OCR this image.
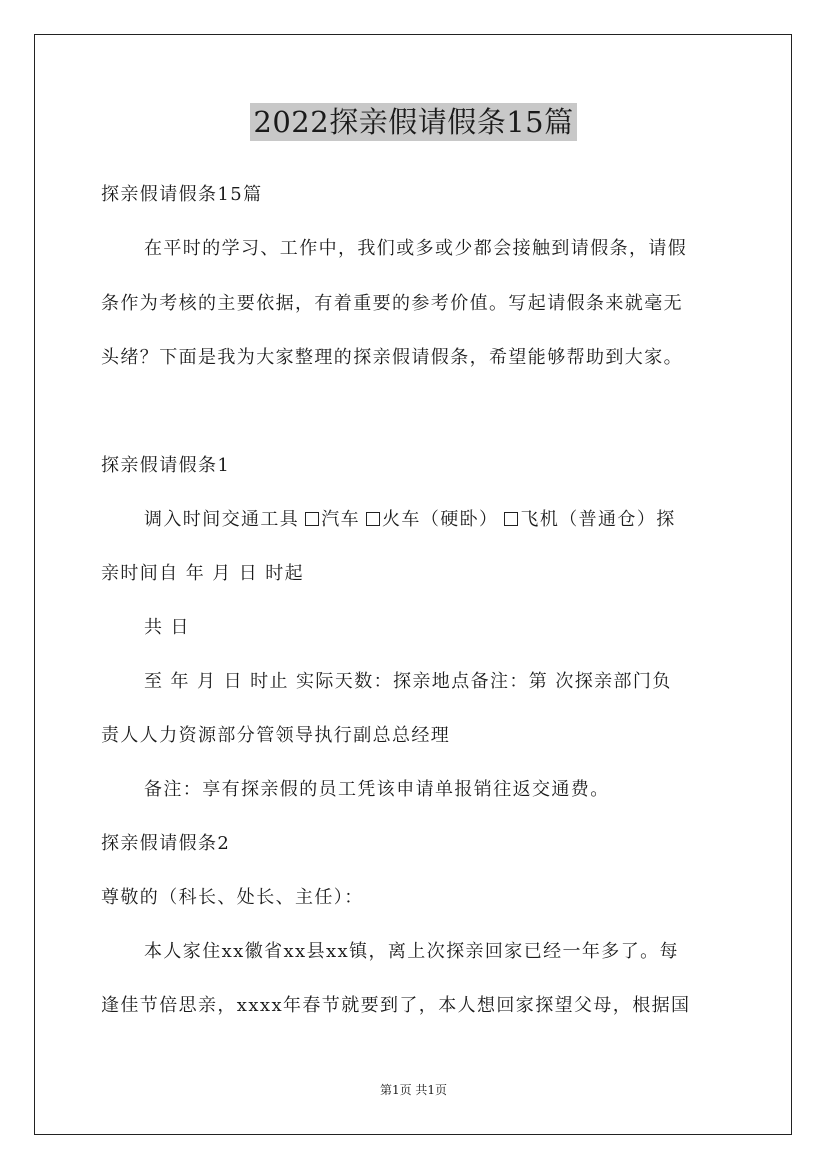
2022探亲假请假条15篇
探亲假请假条15篇
在平时的学习、工作中，我们或多或少都会接触到请假条，请假
条作为考核的主要依据，有着重要的参考价值。写起请假条来就毫无
头绪？下面是我为大家整理的探亲假请假条，希望能够帮助到大家。
探亲假请假条1
调入时间交通工具 汽车 火车（硬卧） 飞机（普通仓）探
亲时间自 年 月 日 时起
共 日
至 年 月 日 时止 实际天数：探亲地点备注：第 次探亲部门负
责人人力资源部分管领导执行副总总经理
备注：享有探亲假的员工凭该申请单报销往返交通费。
探亲假请假条2
尊敬的（科长、处长、主任）：
本人家住xx徽省xx县xx镇，离上次探亲回家已经一年多了。每
逢佳节倍思亲，xxxx年春节就要到了，本人想回家探望父母，根据国
第1页 共1页
